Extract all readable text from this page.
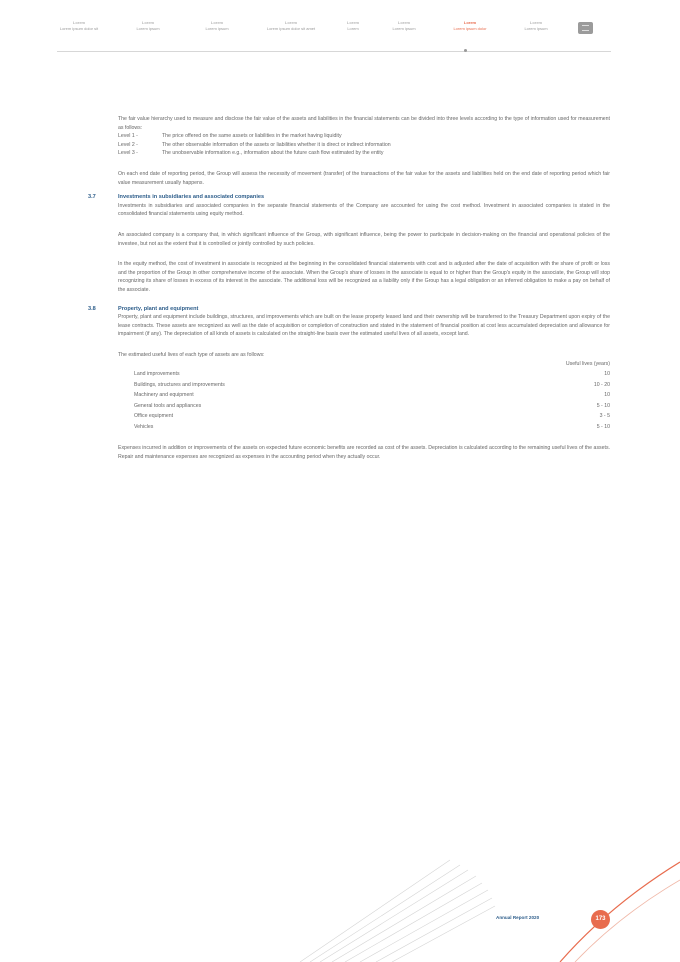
Lorem
Lorem ipsum dolor sit
Lorem
Lorem ipsum
Lorem
Lorem ipsum
Lorem
Lorem ipsum dolor sit amet
Lorem
Lorem
Lorem
Lorem ipsum
Lorem
Lorem ipsum dolor
Lorem
Lorem ipsum

The fair value hierarchy used to measure and disclose the fair value of the assets and liabilities in the financial statements can be divided into three levels according to the type of information used for measurement as follows:

Level 1 -	The price offered on the same assets or liabilities in the market having liquidity
Level 2 -	The other observable information of the assets or liabilities whether it is direct or indirect information
Level 3 -	The unobservable information e.g., information about the future cash flow estimated by the entity

On each end date of reporting period, the Group will assess the necessity of movement (transfer) of the transactions of the fair value for the assets and liabilities held on the end date of reporting period which fair value measurement usually happens.

3.7	Investments in subsidiaries and associated companies

Investments in subsidiaries and associated companies in the separate financial statements of the Company are accounted for using the cost method. Investment in associated companies is stated in the consolidated financial statements using equity method.

An associated company is a company that, in which significant influence of the Group, with significant influence, being the power to participate in decision-making on the financial and operational policies of the investee, but not as the extent that it is controlled or jointly controlled by such policies.

In the equity method, the cost of investment in associate is recognized at the beginning in the consolidated financial statements with cost and is adjusted after the date of acquisition with the share of profit or loss and the proportion of the Group in other comprehensive income of the associate. When the Group's share of losses in the associate is equal to or higher than the Group's equity in the associate, the Group will stop recognizing its share of losses in excess of its interest in the associate. The additional loss will be recognized as a liability only if the Group has a legal obligation or an inferred obligation to make a pay on behalf of the associate.

3.8	Property, plant and equipment

Property, plant and equipment include buildings, structures, and improvements which are built on the lease property leased land and their ownership will be transferred to the Treasury Department upon expiry of the lease contracts. These assets are recognized as well as the date of acquisition or completion of construction and stated in the statement of financial position at cost less accumulated depreciation and allowance for impairment (if any). The depreciation of all kinds of assets is calculated on the straight-line basis over the estimated useful lives of all assets, except land.

The estimated useful lives of each type of assets are as follows:

Useful lives (years)
Land improvements	10
Buildings, structures and improvements	10 - 20
Machinery and equipment	10
General tools and appliances	5 - 10
Office equipment	3 - 5
Vehicles	5 - 10

Expenses incurred in addition or improvements of the assets on expected future economic benefits are recorded as cost of the assets. Depreciation is calculated according to the remaining useful lives of the assets. Repair and maintenance expenses are recognized as expenses in the accounting period when they actually occur.

Annual Report 2020	173
